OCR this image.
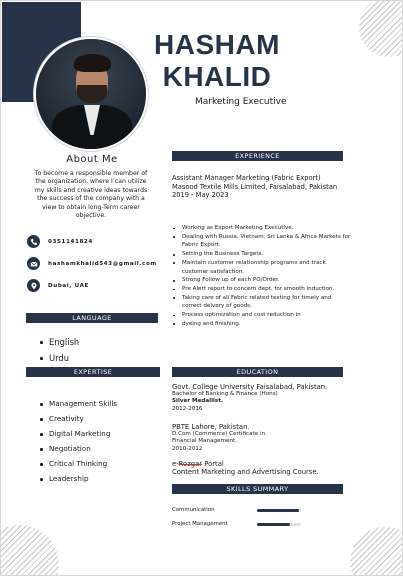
HASHAM
KHALID
Marketing Executive
About Me
To become a responsible member of the organization, where I can utilize my skills and creative ideas towards the success of the company with a view to obtain long-Term career objective.
0351141824
hashamkhalid543@gmail.com
Dubai, UAE
LANGUAGE
English
Urdu
EXPERTISE
Management Skills
Creativity
Digital Marketing
Negotiation
Critical Thinking
Leadership
EXPERIENCE
Assistant Manager Marketing (Fabric Export)
Masood Textile Mills Limited, Faisalabad, Pakistan
2019 - May 2023
Working as Export Marketing Executive.
Dealing with Russia, Vietnam, Sri Lanka & Africa Markets for Fabric Export.
Setting the Business Targets.
Maintain customer relationship programs and track customer satisfaction.
Strong Follow up of each PO/Order.
Pre Alert report to concern dept. for smooth induction.
Taking care of all Fabric related testing for timely and correct delvery of goods.
Process optimization and cost reduction in
dyeing and finishing.
EDUCATION
Govt. College University Faisalabad, Pakistan.
Bachelor of Banking & Finance (Hons)
Silver Medallist.
2012-2016
PBTE Lahore, Pakistan.
D.Com (Commerce) Certificate in Financial Management,
2010-2012
e-Rozgar Portal
Content Marketing and Advertising Course.
SKILLS SUMMARY
Communication
Project Management
